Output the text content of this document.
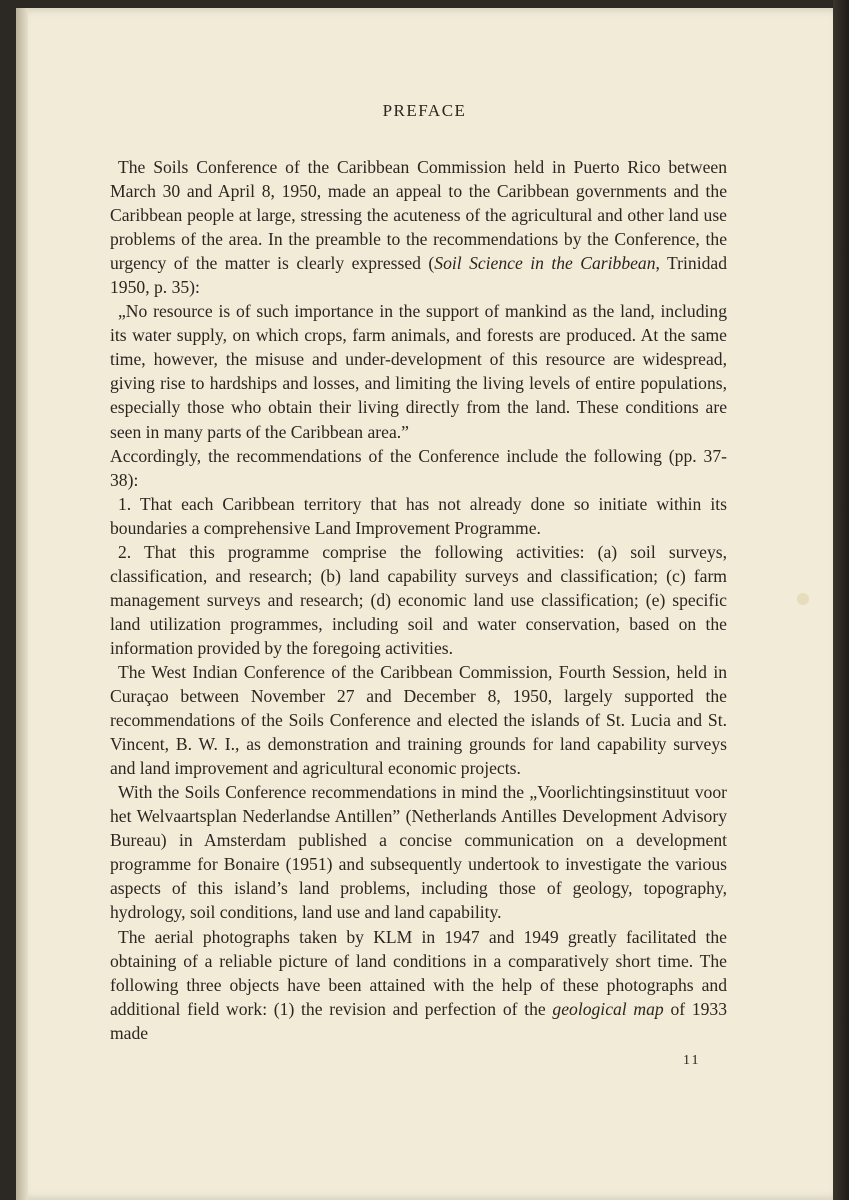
PREFACE

The Soils Conference of the Caribbean Commission held in Puerto Rico between March 30 and April 8, 1950, made an appeal to the Caribbean governments and the Caribbean people at large, stressing the acuteness of the agricultural and other land use problems of the area. In the preamble to the recommendations by the Conference, the urgency of the matter is clearly expressed (Soil Science in the Caribbean, Trinidad 1950, p. 35):

„No resource is of such importance in the support of mankind as the land, including its water supply, on which crops, farm animals, and forests are produced. At the same time, however, the misuse and under-development of this resource are widespread, giving rise to hardships and losses, and limiting the living levels of entire populations, especially those who obtain their living directly from the land. These conditions are seen in many parts of the Caribbean area.”

Accordingly, the recommendations of the Conference include the following (pp. 37-38):

1. That each Caribbean territory that has not already done so initiate within its boundaries a comprehensive Land Improvement Programme.

2. That this programme comprise the following activities: (a) soil surveys, classification, and research; (b) land capability surveys and classification; (c) farm management surveys and research; (d) economic land use classification; (e) specific land utilization programmes, including soil and water conservation, based on the information provided by the foregoing activities.

The West Indian Conference of the Caribbean Commission, Fourth Session, held in Curaçao between November 27 and December 8, 1950, largely supported the recommendations of the Soils Conference and elected the islands of St. Lucia and St. Vincent, B. W. I., as demonstration and training grounds for land capability surveys and land improvement and agricultural economic projects.

With the Soils Conference recommendations in mind the „Voorlichtingsinstituut voor het Welvaartsplan Nederlandse Antillen” (Netherlands Antilles Development Advisory Bureau) in Amsterdam published a concise communication on a development programme for Bonaire (1951) and subsequently undertook to investigate the various aspects of this island’s land problems, including those of geology, topography, hydrology, soil conditions, land use and land capability.

The aerial photographs taken by KLM in 1947 and 1949 greatly facilitated the obtaining of a reliable picture of land conditions in a comparatively short time. The following three objects have been attained with the help of these photographs and additional field work: (1) the revision and perfection of the geological map of 1933 made

11
